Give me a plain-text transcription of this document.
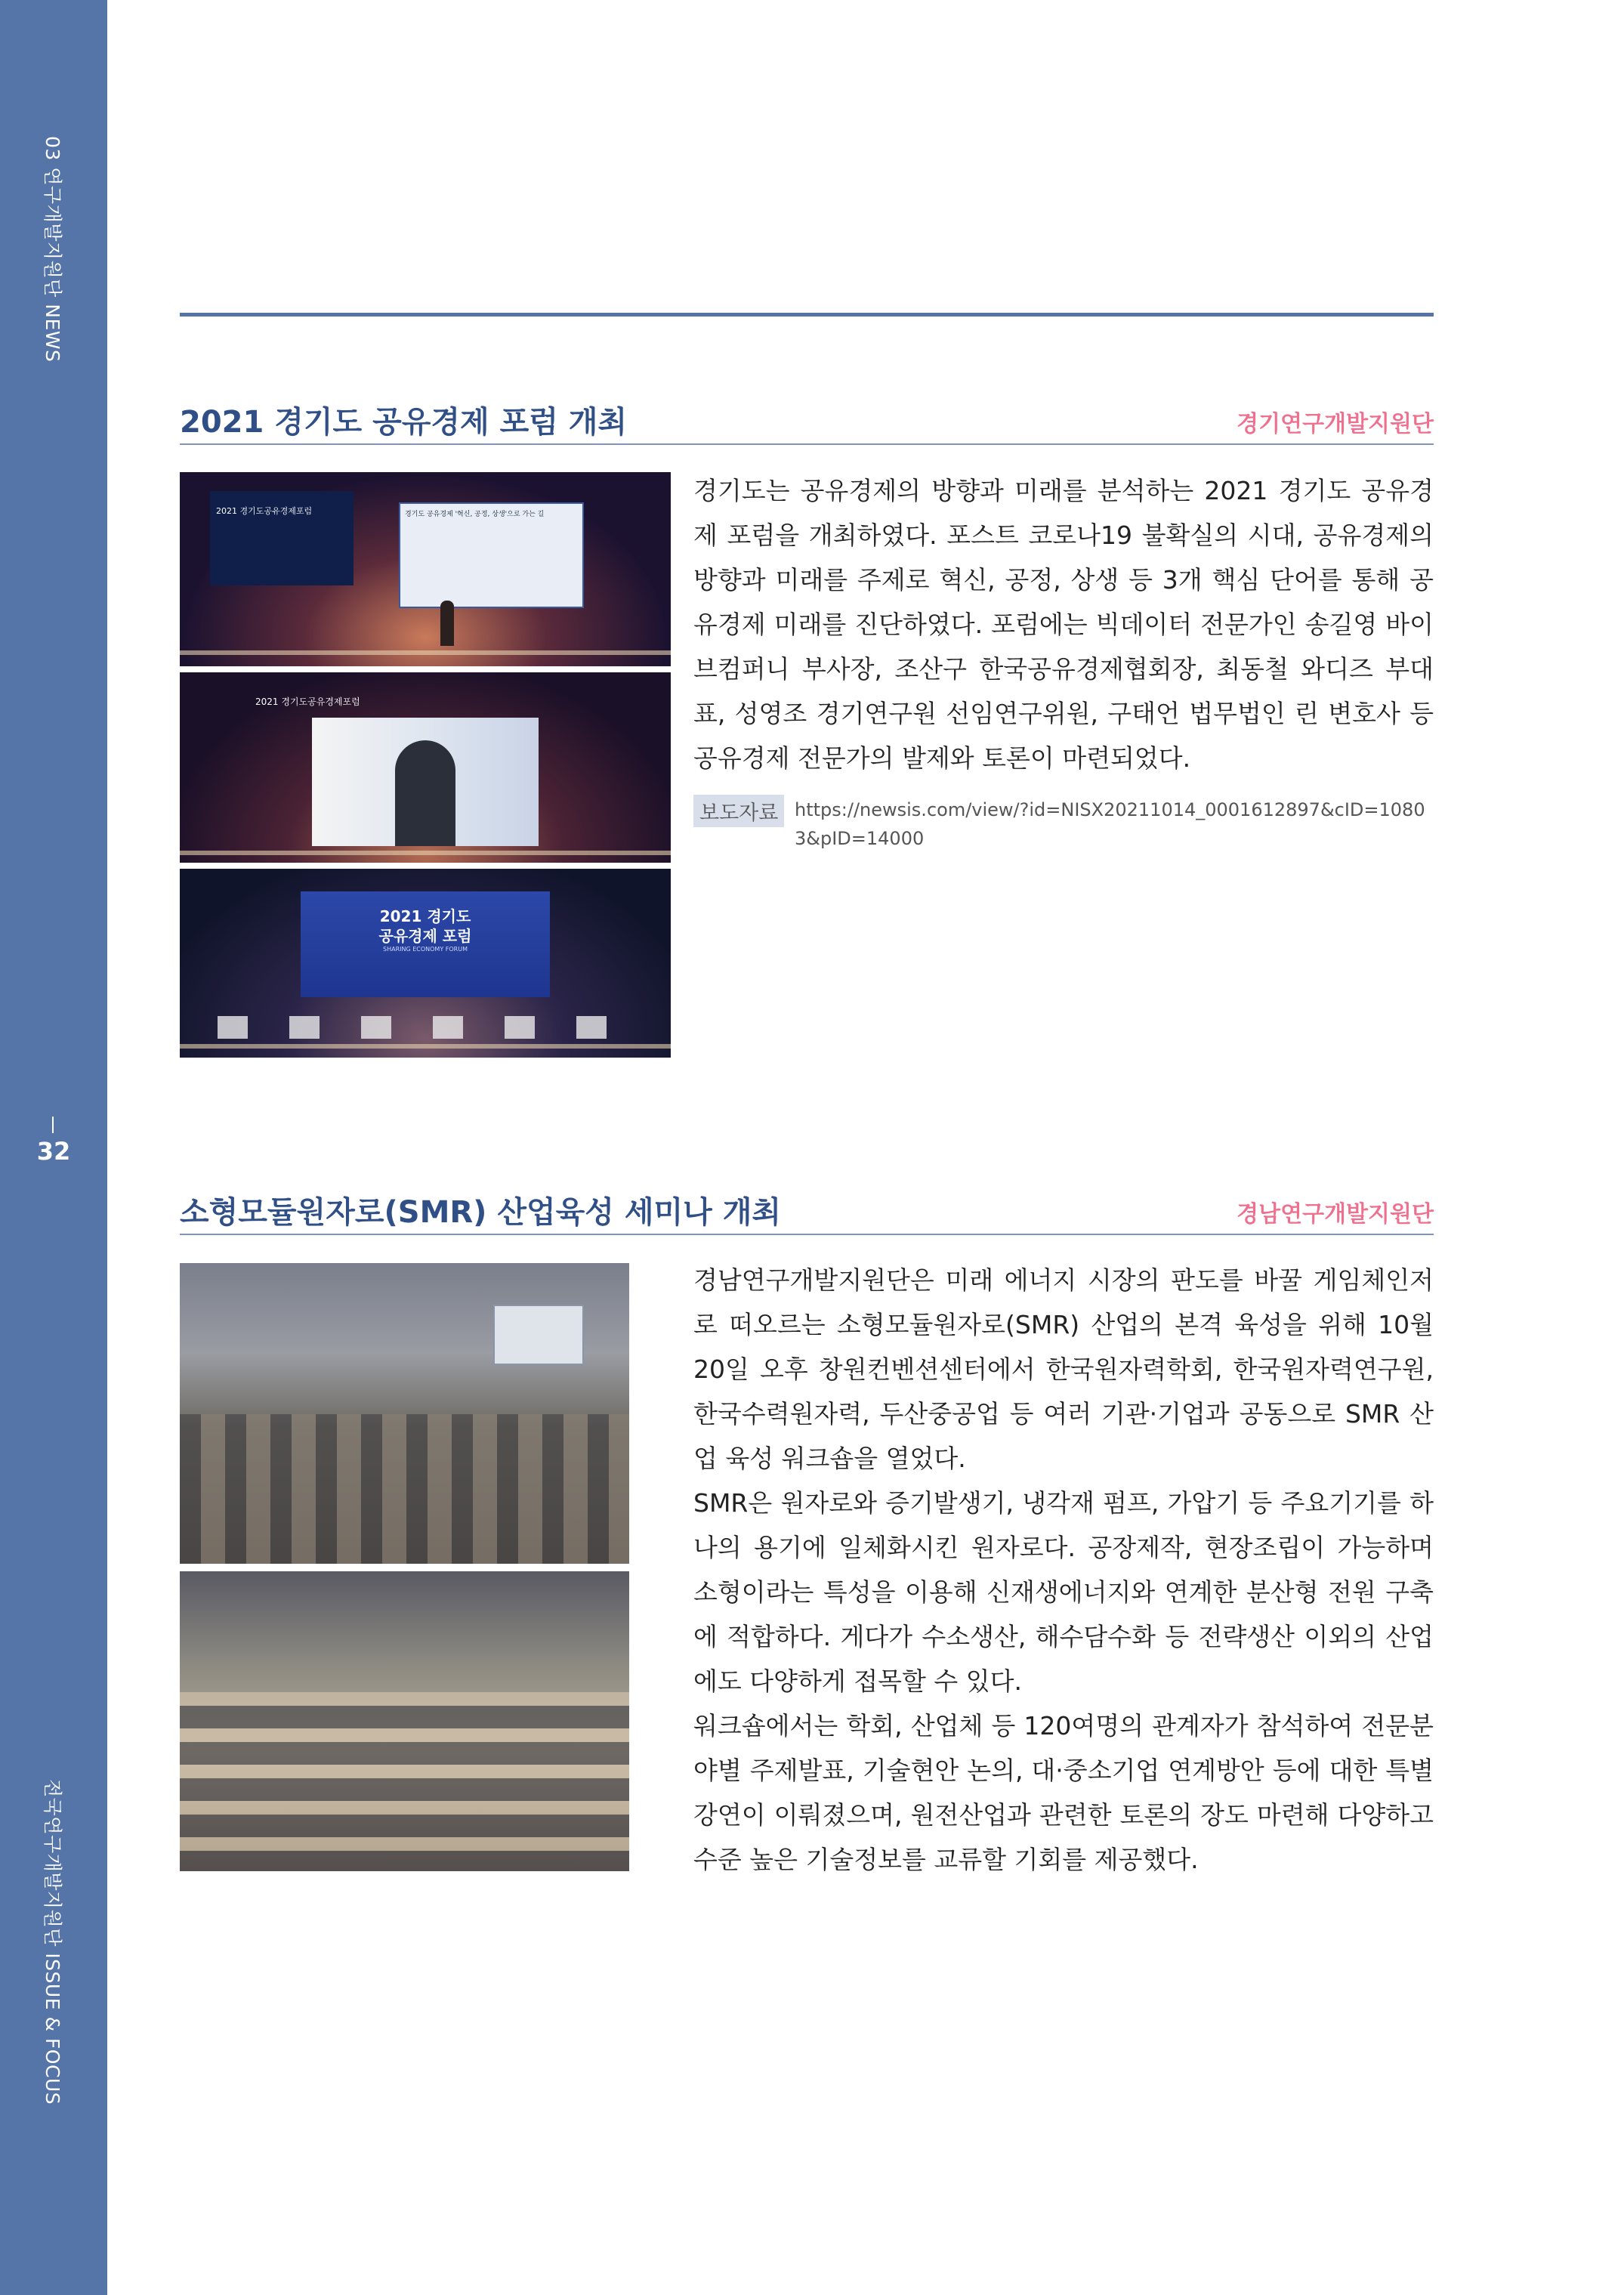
03 연구개발지원단 NEWS
32
전국연구개발지원단 ISSUE & FOCUS
2021 경기도 공유경제 포럼 개최	경기연구개발지원단
2021 경기도공유경제포럼	경기도 공유경제 '혁신, 공정, 상생'으로 가는 길
2021 경기도공유경제포럼
2021 경기도
공유경제 포럼
SHARING ECONOMY FORUM
경기도는 공유경제의 방향과 미래를 분석하는 2021 경기도 공유경제 포럼을 개최하였다. 포스트 코로나19 불확실의 시대, 공유경제의 방향과 미래를 주제로 혁신, 공정, 상생 등 3개 핵심 단어를 통해 공유경제 미래를 진단하였다. 포럼에는 빅데이터 전문가인 송길영 바이브컴퍼니 부사장, 조산구 한국공유경제협회장, 최동철 와디즈 부대표, 성영조 경기연구원 선임연구위원, 구태언 법무법인 린 변호사 등 공유경제 전문가의 발제와 토론이 마련되었다.
보도자료 https://newsis.com/view/?id=NISX20211014_0001612897&cID=10803&pID=14000
소형모듈원자로(SMR) 산업육성 세미나 개최	경남연구개발지원단

경남연구개발지원단은 미래 에너지 시장의 판도를 바꿀 게임체인저로 떠오르는 소형모듈원자로(SMR) 산업의 본격 육성을 위해 10월 20일 오후 창원컨벤션센터에서 한국원자력학회, 한국원자력연구원, 한국수력원자력, 두산중공업 등 여러 기관·기업과 공동으로 SMR 산업 육성 워크숍을 열었다.

SMR은 원자로와 증기발생기, 냉각재 펌프, 가압기 등 주요기기를 하나의 용기에 일체화시킨 원자로다. 공장제작, 현장조립이 가능하며 소형이라는 특성을 이용해 신재생에너지와 연계한 분산형 전원 구축에 적합하다. 게다가 수소생산, 해수담수화 등 전략생산 이외의 산업에도 다양하게 접목할 수 있다.

워크숍에서는 학회, 산업체 등 120여명의 관계자가 참석하여 전문분야별 주제발표, 기술현안 논의, 대·중소기업 연계방안 등에 대한 특별강연이 이뤄졌으며, 원전산업과 관련한 토론의 장도 마련해 다양하고 수준 높은 기술정보를 교류할 기회를 제공했다.
